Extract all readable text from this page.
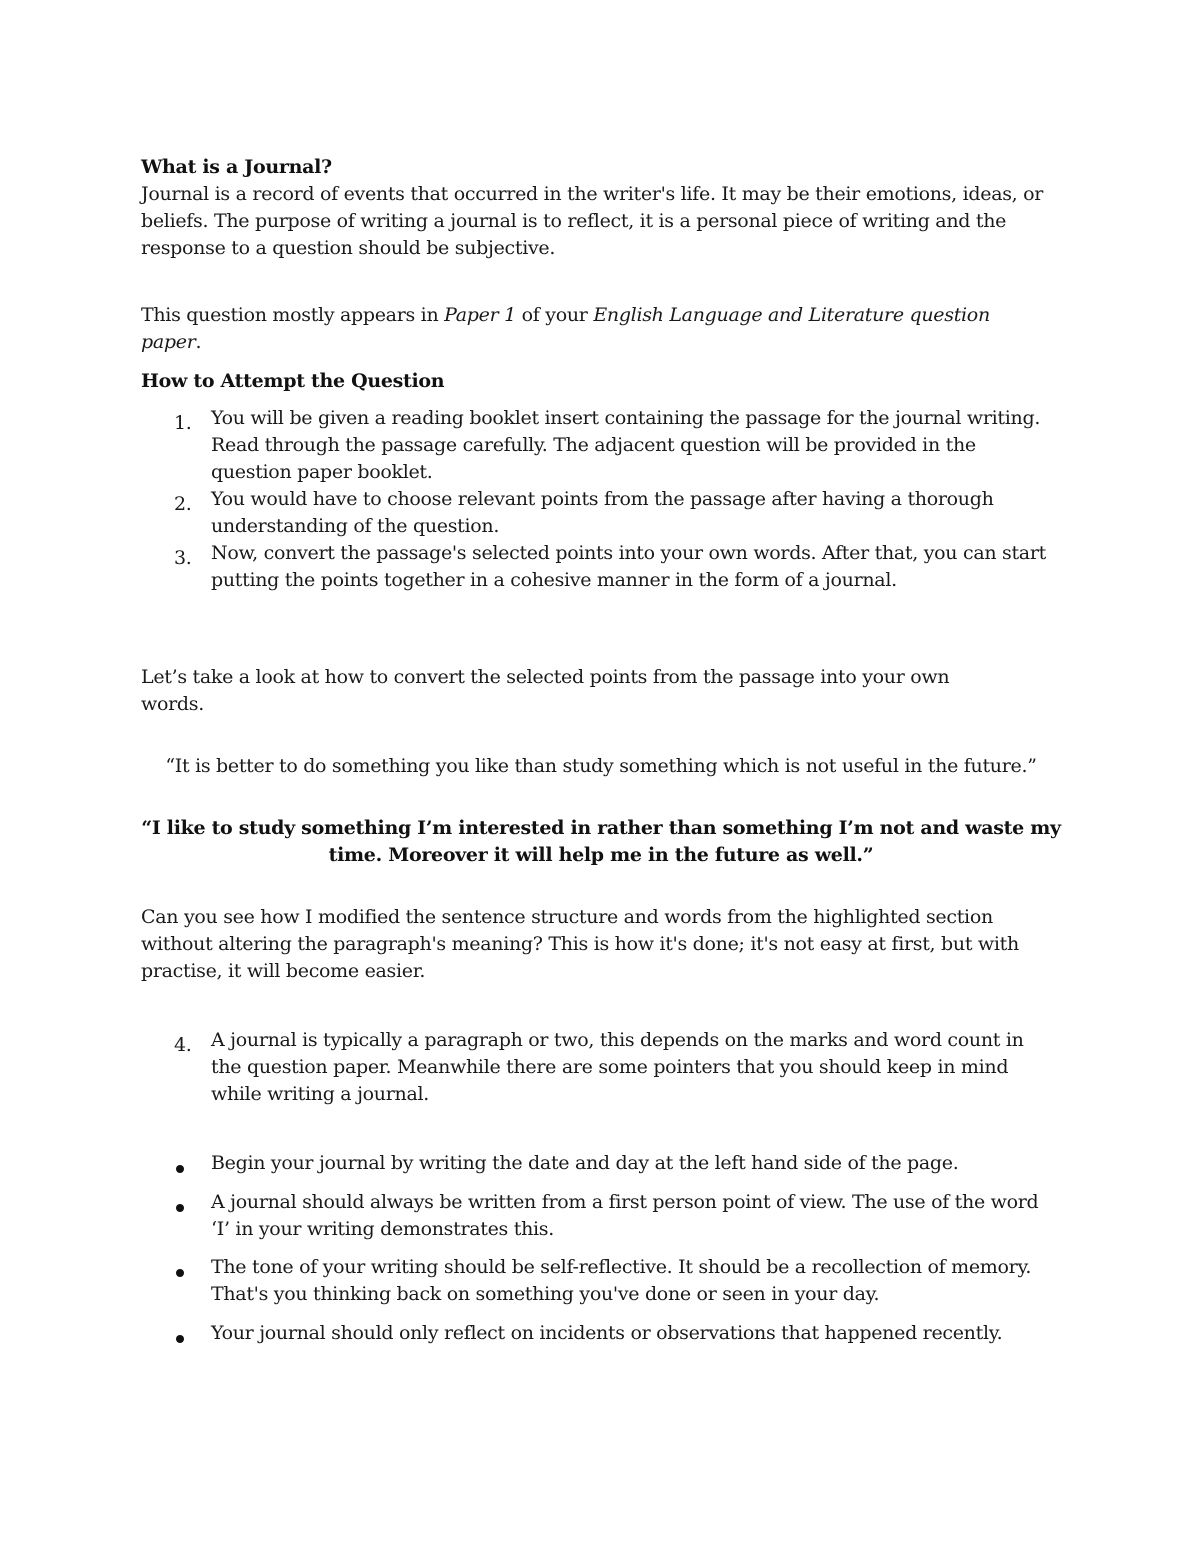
What is a Journal?
Journal is a record of events that occurred in the writer's life. It may be their emotions, ideas, or
beliefs. The purpose of writing a journal is to reflect, it is a personal piece of writing and the
response to a question should be subjective.
This question mostly appears in Paper 1 of your English Language and Literature question
paper.
How to Attempt the Question
1. You will be given a reading booklet insert containing the passage for the journal writing.
Read through the passage carefully. The adjacent question will be provided in the
question paper booklet.
2. You would have to choose relevant points from the passage after having a thorough
understanding of the question.
3. Now, convert the passage's selected points into your own words. After that, you can start
putting the points together in a cohesive manner in the form of a journal.
Let’s take a look at how to convert the selected points from the passage into your own
words.
“It is better to do something you like than study something which is not useful in the future.”
“I like to study something I’m interested in rather than something I’m not and waste my
time. Moreover it will help me in the future as well.”
Can you see how I modified the sentence structure and words from the highlighted section
without altering the paragraph's meaning? This is how it's done; it's not easy at first, but with
practise, it will become easier.
4. A journal is typically a paragraph or two, this depends on the marks and word count in
the question paper. Meanwhile there are some pointers that you should keep in mind
while writing a journal.
Begin your journal by writing the date and day at the left hand side of the page.
A journal should always be written from a first person point of view. The use of the word
‘I’ in your writing demonstrates this.
The tone of your writing should be self-reflective. It should be a recollection of memory.
That's you thinking back on something you've done or seen in your day.
Your journal should only reflect on incidents or observations that happened recently.
